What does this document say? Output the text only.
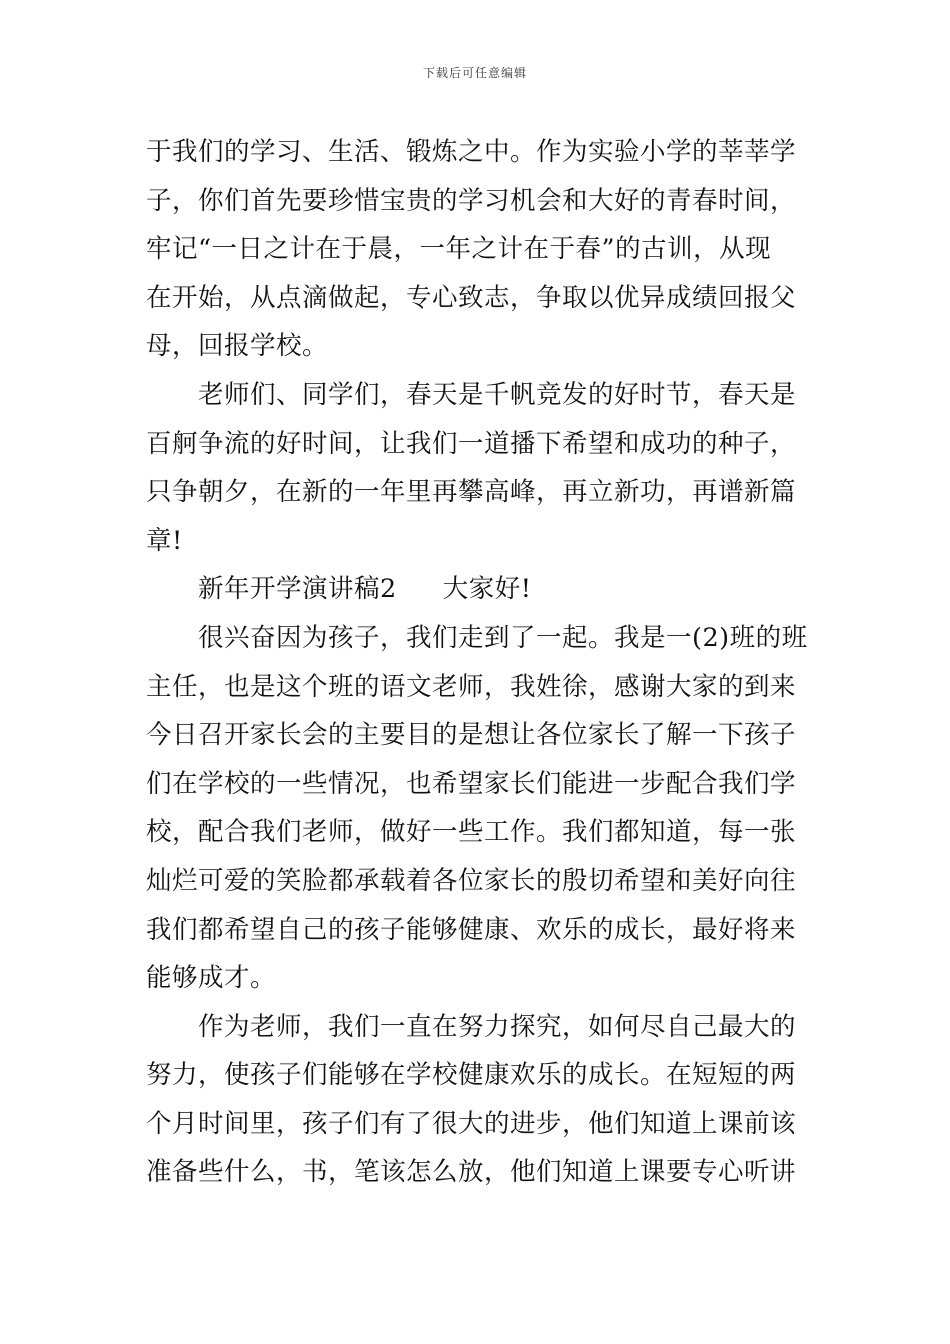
下载后可任意编辑
于我们的学习、生活、锻炼之中。作为实验小学的莘莘学
子，你们首先要珍惜宝贵的学习机会和大好的青春时间，
牢记“一日之计在于晨，一年之计在于春”的古训，从现
在开始，从点滴做起，专心致志，争取以优异成绩回报父
母，回报学校。
老师们、同学们，春天是千帆竞发的好时节，春天是
百舸争流的好时间，让我们一道播下希望和成功的种子，
只争朝夕，在新的一年里再攀高峰，再立新功，再谱新篇
章!
新年开学演讲稿2 大家好!
很兴奋因为孩子，我们走到了一起。我是一(2)班的班
主任，也是这个班的语文老师，我姓徐，感谢大家的到来
今日召开家长会的主要目的是想让各位家长了解一下孩子
们在学校的一些情况，也希望家长们能进一步配合我们学
校，配合我们老师，做好一些工作。我们都知道，每一张
灿烂可爱的笑脸都承载着各位家长的殷切希望和美好向往
我们都希望自己的孩子能够健康、欢乐的成长，最好将来
能够成才。
作为老师，我们一直在努力探究，如何尽自己最大的
努力，使孩子们能够在学校健康欢乐的成长。在短短的两
个月时间里，孩子们有了很大的进步，他们知道上课前该
准备些什么，书，笔该怎么放，他们知道上课要专心听讲
